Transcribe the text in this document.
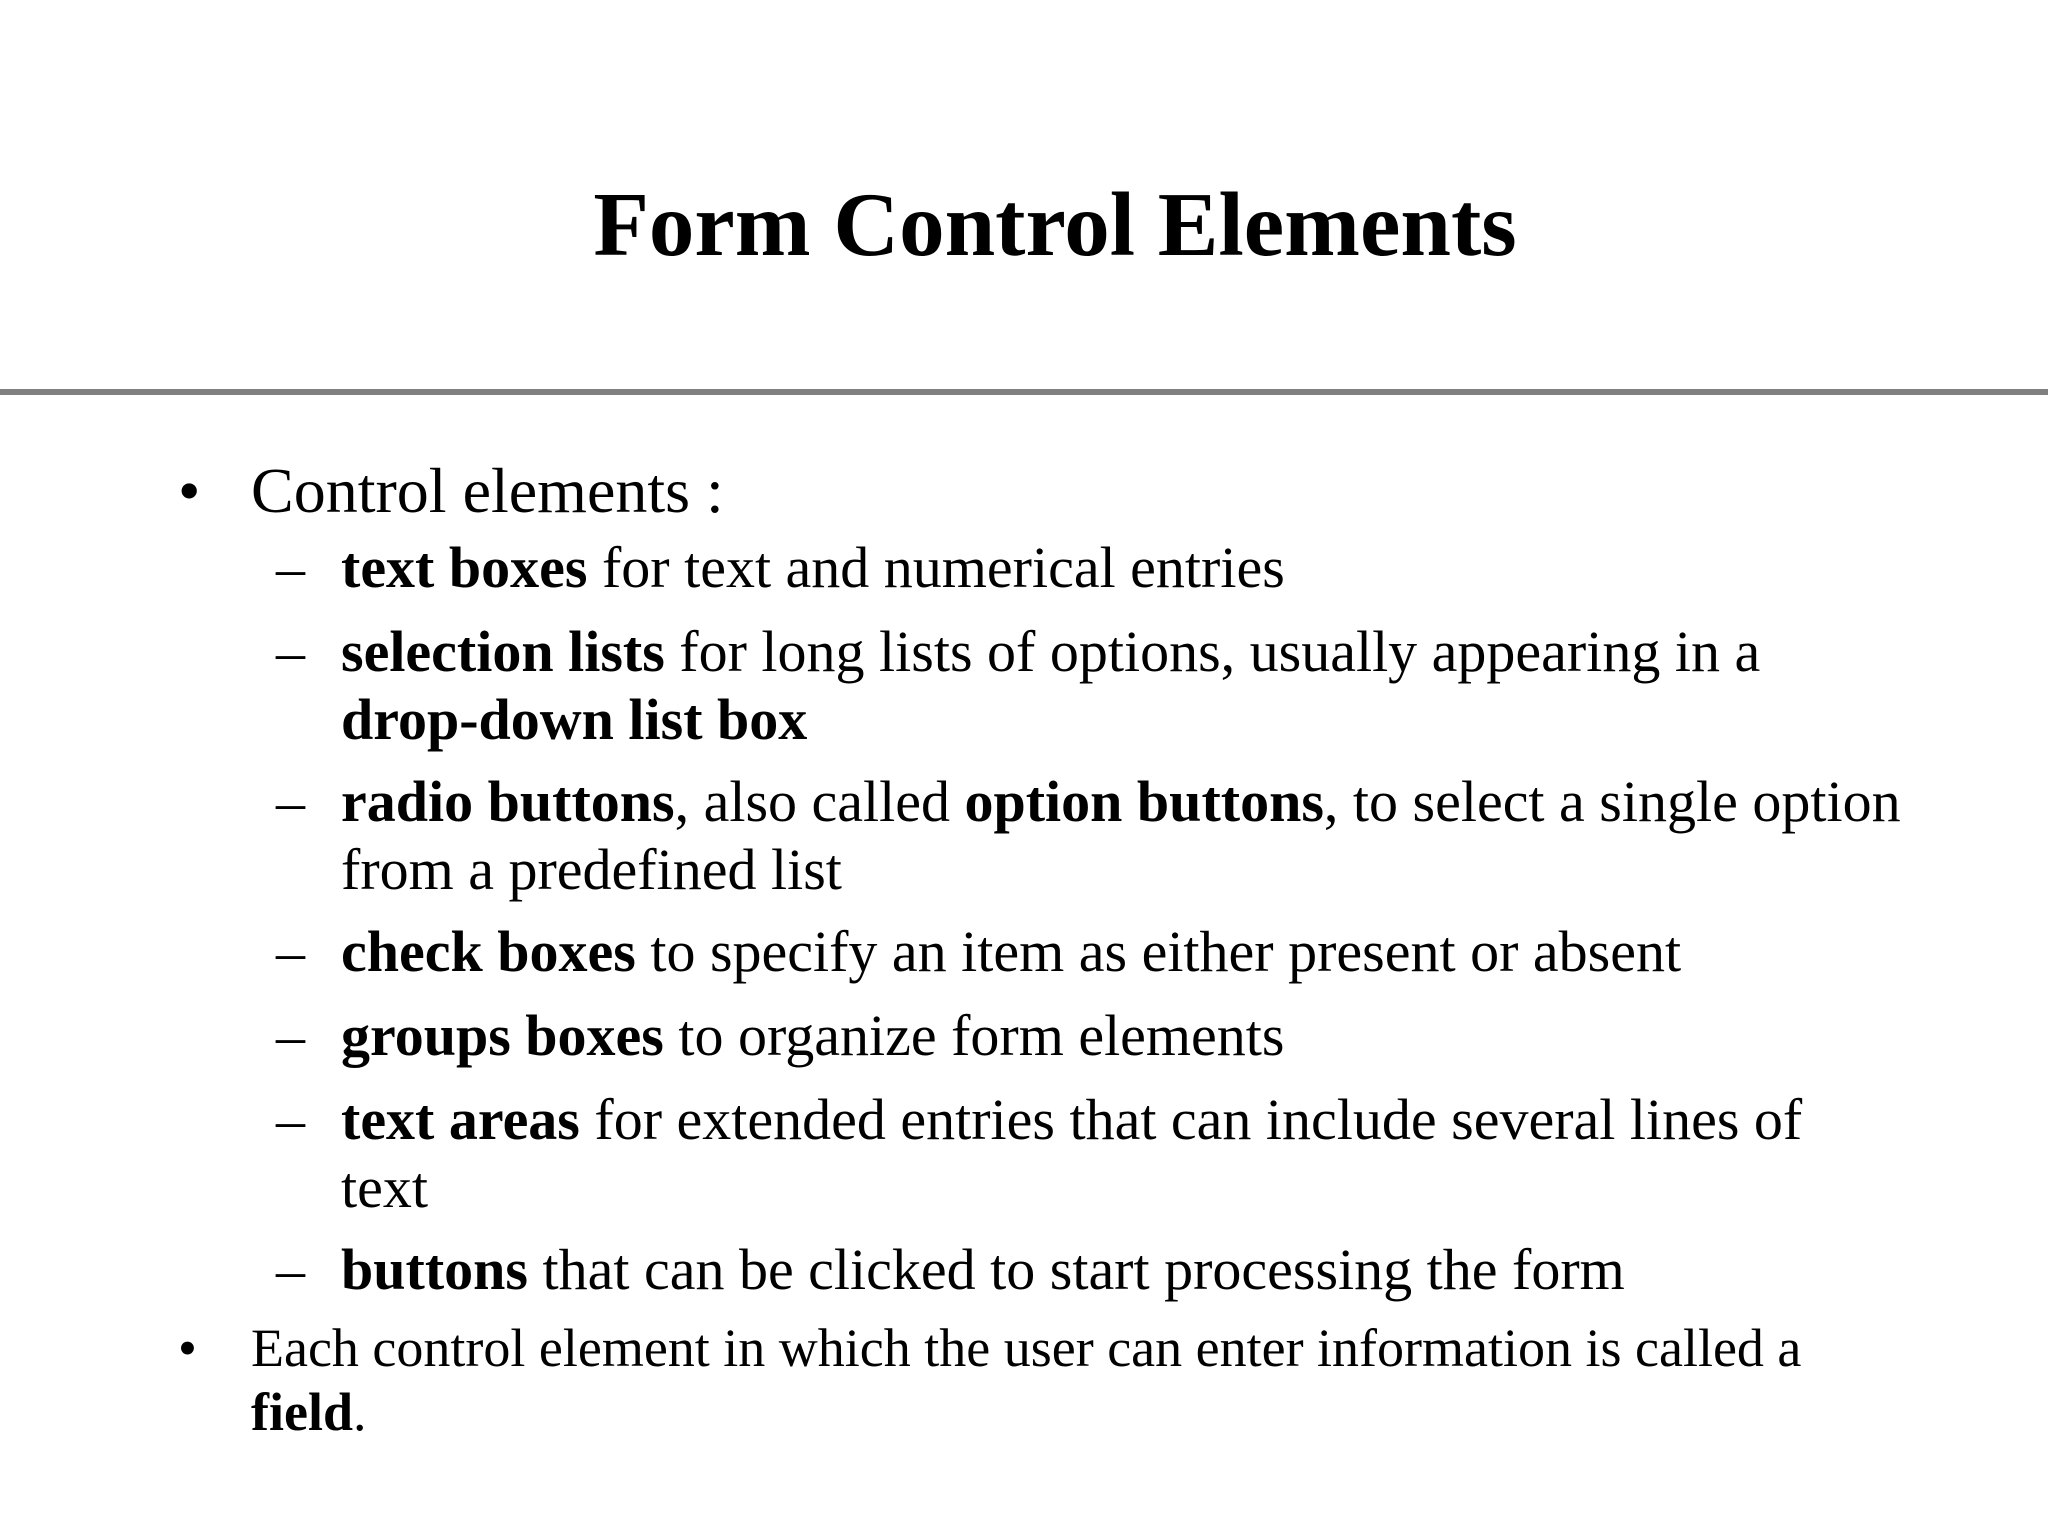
Form Control Elements
• Control elements :
– text boxes for text and numerical entries
– selection lists for long lists of options, usually appearing in a
drop-down list box
– radio buttons, also called option buttons, to select a single option from a predefined list
– check boxes to specify an item as either present or absent
– groups boxes to organize form elements
– text areas for extended entries that can include several lines of text
– buttons that can be clicked to start processing the form
• Each control element in which the user can enter information is called a field.
